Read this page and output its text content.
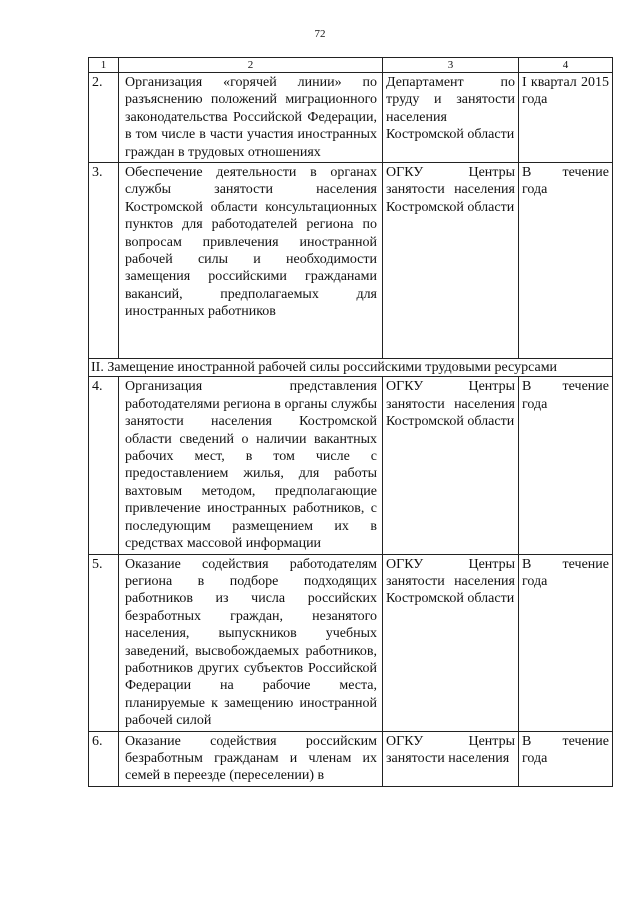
72
1	2	3	4
2.	Организация «горячей линии» по разъяснению положений миграционного законодательства Российской Федерации, в том числе в части участия иностранных граждан в трудовых отношениях	Департамент по труду и занятости населения Костромской области	I квартал 2015 года
3.	Обеспечение деятельности в органах службы занятости населения Костромской области консультационных пунктов для работодателей региона по вопросам привлечения иностранной рабочей силы и необходимости замещения российскими гражданами вакансий, предполагаемых для иностранных работников	ОГКУ Центры занятости населения Костромской области	В течение года
II. Замещение иностранной рабочей силы российскими трудовыми ресурсами			
4.	Организация представления работодателями региона в органы службы занятости населения Костромской области сведений о наличии вакантных рабочих мест, в том числе с предоставлением жилья, для работы вахтовым методом, предполагающие привлечение иностранных работников, с последующим размещением их в средствах массовой информации	ОГКУ Центры занятости населения Костромской области	В течение года
5.	Оказание содействия работодателям региона в подборе подходящих работников из числа российских безработных граждан, незанятого населения, выпускников учебных заведений, высвобождаемых работников, работников других субъектов Российской Федерации на рабочие места, планируемые к замещению иностранной рабочей силой	ОГКУ Центры занятости населения Костромской области	В течение года
6.	Оказание содействия российским безработным гражданам и членам их семей в переезде (переселении) в	ОГКУ Центры занятости населения	В течение года
